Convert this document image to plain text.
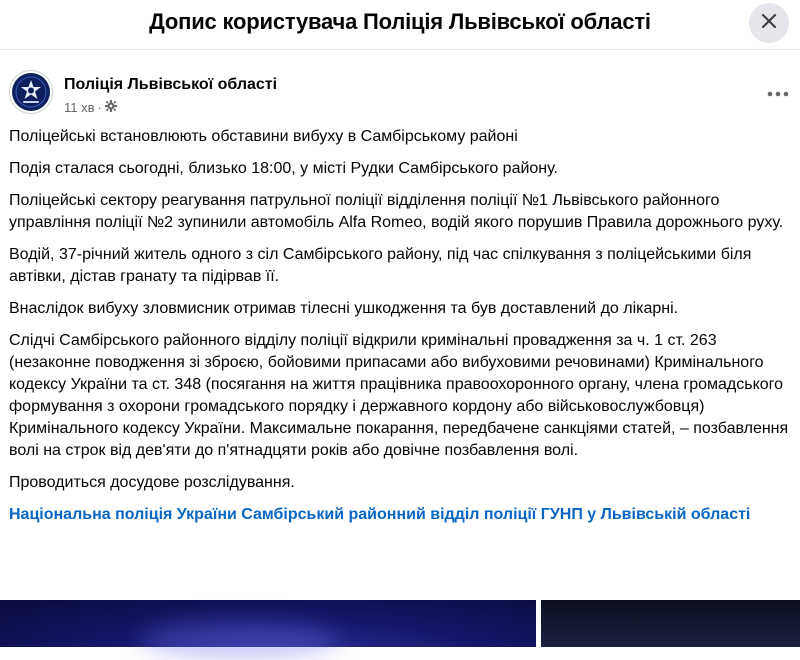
Допис користувача Поліція Львівської області
Поліція Львівської області
11 хв ·

Поліцейські встановлюють обставини вибуху в Самбірському районі

Подія сталася сьогодні, близько 18:00, у місті Рудки Самбірського району.

Поліцейські сектору реагування патрульної поліції відділення поліції №1 Львівського районного управління поліції №2 зупинили автомобіль Alfa Romeo, водій якого порушив Правила дорожнього руху.

Водій, 37-річний житель одного з сіл Самбірського району, під час спілкування з поліцейськими біля автівки, дістав гранату та підірвав її.

Внаслідок вибуху зловмисник отримав тілесні ушкодження та був доставлений до лікарні.

Слідчі Самбірського районного відділу поліції відкрили кримінальні провадження за ч. 1 ст. 263 (незаконне поводження зі зброєю, бойовими припасами або вибуховими речовинами) Кримінального кодексу України та ст. 348 (посягання на життя працівника правоохоронного органу, члена громадського формування з охорони громадського порядку і державного кордону або військовослужбовця) Кримінального кодексу України. Максимальне покарання, передбачене санкціями статей, – позбавлення волі на строк від дев'яти до п'ятнадцяти років або довічне позбавлення волі.

Проводиться досудове розслідування.

Національна поліція України Самбірський районний відділ поліції ГУНП у Львівській області
